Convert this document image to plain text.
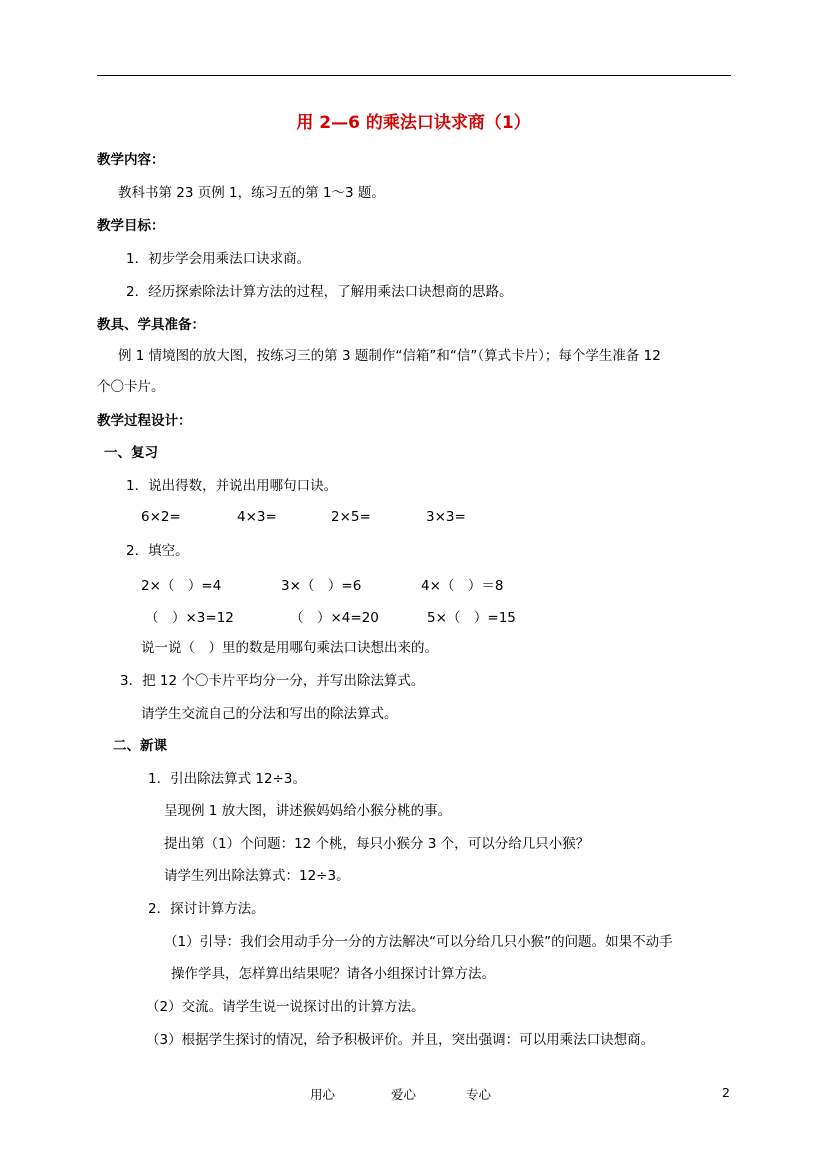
用 2—6 的乘法口诀求商（1）
教学内容：
教科书第 23 页例 1，练习五的第 1～3 题。
教学目标：
1．初步学会用乘法口诀求商。
2．经历探索除法计算方法的过程，了解用乘法口诀想商的思路。
教具、学具准备：
例 1 情境图的放大图，按练习三的第 3 题制作“信箱”和“信”（算式卡片）；每个学生准备 12
个〇卡片。
教学过程设计：
一、复习
1．说出得数，并说出用哪句口诀。
6×2=	4×3=	2×5=	3×3=
2．填空。
2×（　）=4	3×（　）=6	4×（　）＝8
（　）×3=12	（　）×4=20	5×（　）=15
说一说（　）里的数是用哪句乘法口诀想出来的。
3．把 12 个〇卡片平均分一分，并写出除法算式。
请学生交流自己的分法和写出的除法算式。
二、新课
1．引出除法算式 12÷3。
呈现例 1 放大图，讲述猴妈妈给小猴分桃的事。
提出第（1）个问题：12 个桃，每只小猴分 3 个，可以分给几只小猴？
请学生列出除法算式：12÷3。
2．探讨计算方法。
（1）引导：我们会用动手分一分的方法解决“可以分给几只小猴”的问题。如果不动手
操作学具，怎样算出结果呢？请各小组探讨计算方法。
（2）交流。请学生说一说探讨出的计算方法。
（3）根据学生探讨的情况，给予积极评价。并且，突出强调：可以用乘法口诀想商。
用心	爱心	专心	2
